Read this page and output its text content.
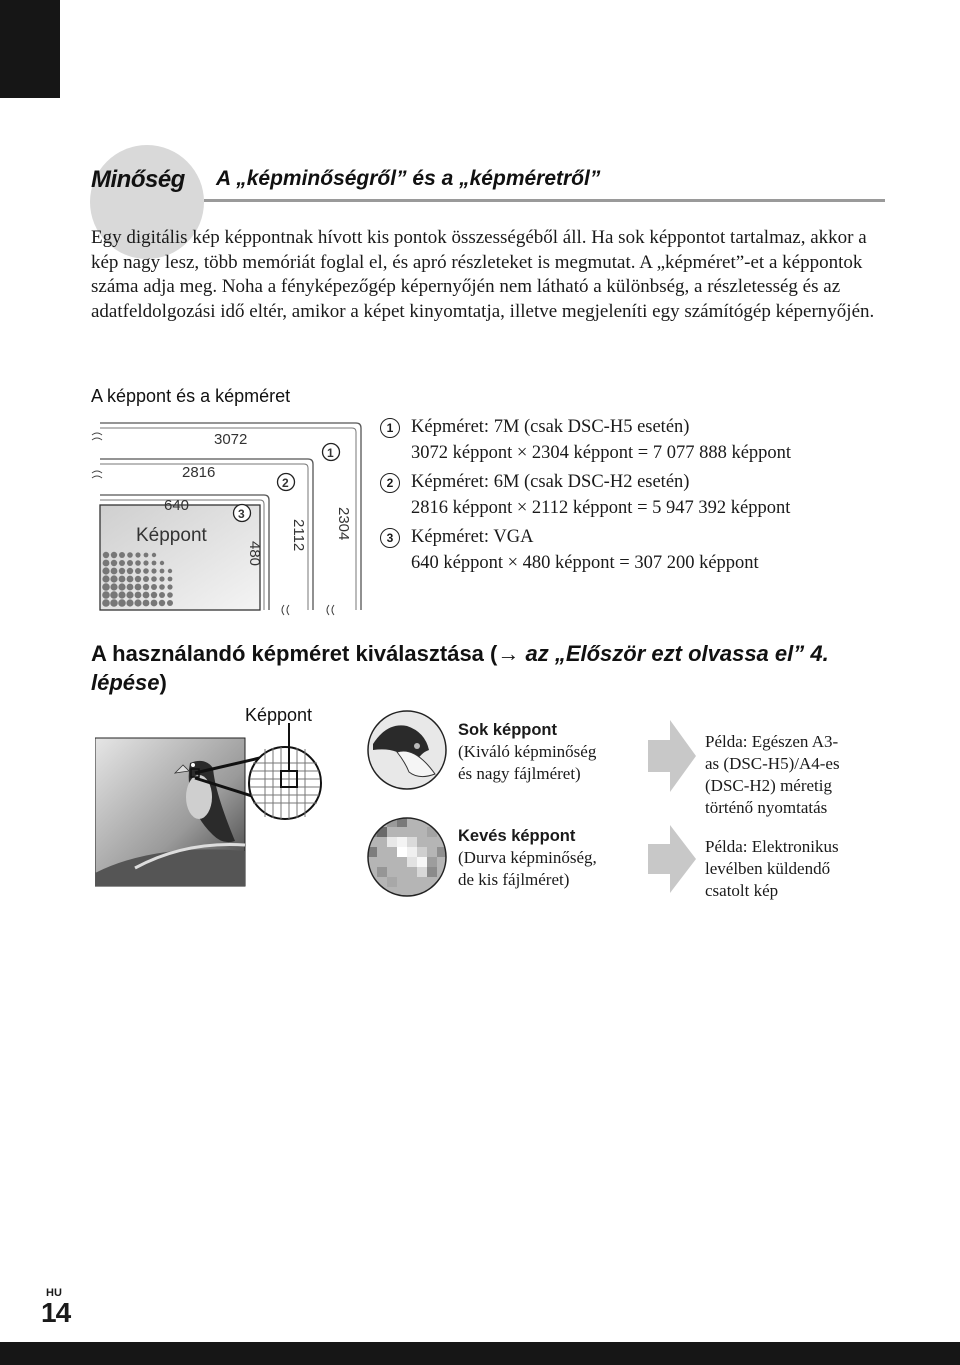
Minőség A „képminőségről” és a „képméretről”

Egy digitális kép képpontnak hívott kis pontok összességéből áll. Ha sok képpontot tartalmaz, akkor a kép nagy lesz, több memóriát foglal el, és apró részleteket is megmutat. A „képméret”-et a képpontok száma adja meg. Noha a fényképezőgép képernyőjén nem látható a különbség, a részletesség és az adatfeldolgozási idő eltér, amikor a képet kinyomtatja, illetve megjeleníti egy számítógép képernyőjén.

A képpont és a képméret
3072
2816
640
Képpont	2304
2112
480
1
2
3
1 Képméret: 7M (csak DSC-H5 esetén)
3072 képpont × 2304 képpont = 7 077 888 képpont
2 Képméret: 6M (csak DSC-H2 esetén)
2816 képpont × 2112 képpont = 5 947 392 képpont
3 Képméret: VGA
640 képpont × 480 képpont = 307 200 képpont

A használandó képméret kiválasztása (→ az „Először ezt olvassa el” 4. lépése)

Képpont
Sok képpont
(Kiváló képminőség
és nagy fájlméret)
Kevés képpont
(Durva képminőség,
de kis fájlméret)
Példa: Egészen A3-
as (DSC-H5)/A4-es
(DSC-H2) méretig
történő nyomtatás
Példa: Elektronikus
levélben küldendő
csatolt kép
HU
14
